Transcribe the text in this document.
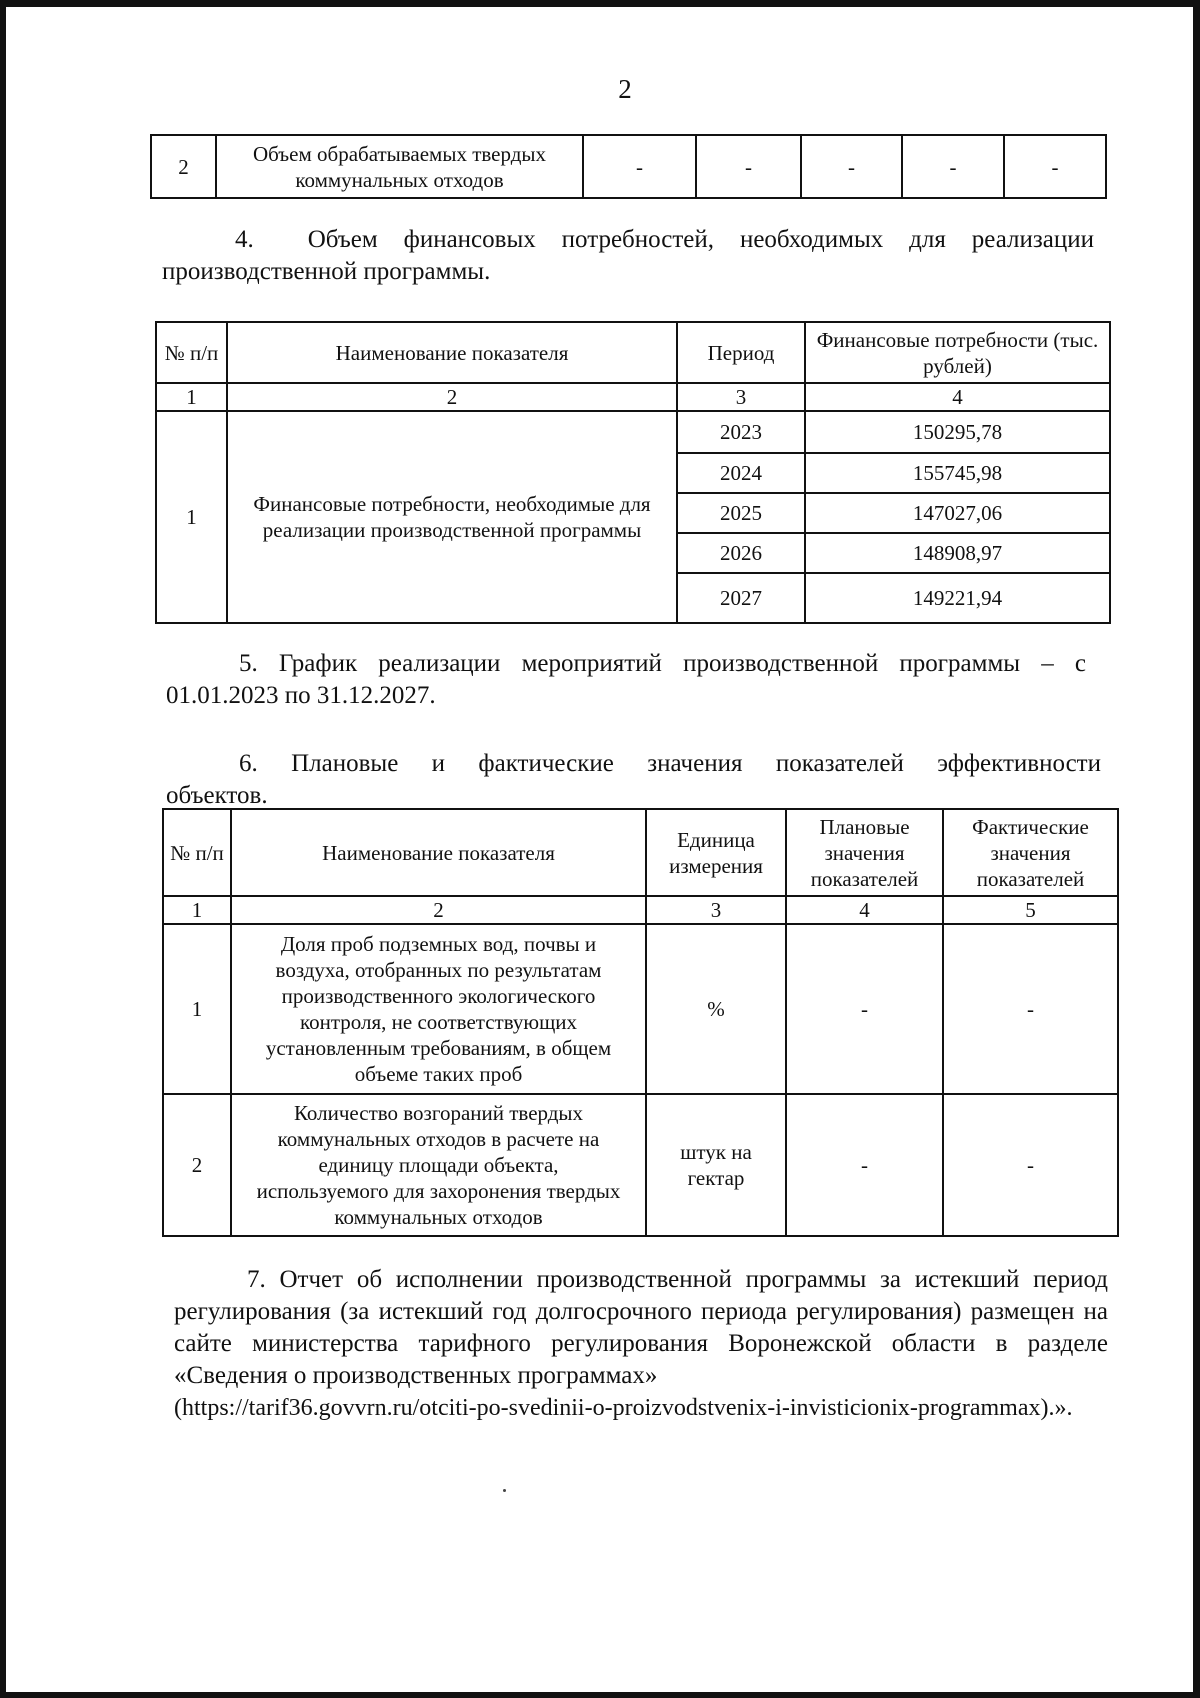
2
2	Объем обрабатываемых твердых коммунальных отходов	-	-	-	-	-

4. Объем финансовых потребностей, необходимых для реализации производственной программы.

№ п/п	Наименование показателя	Период	Финансовые потребности (тыс. рублей)
1	2	3	4
1	Финансовые потребности, необходимые для реализации производственной программы	2023	150295,78
		2024	155745,98
		2025	147027,06
		2026	148908,97
		2027	149221,94

5. График реализации мероприятий производственной программы – с 01.01.2023 по 31.12.2027.

6. Плановые и фактические значения показателей эффективности объектов.

№ п/п	Наименование показателя	Единица измерения	Плановые значения показателей	Фактические значения показателей
1	2	3	4	5
1	Доля проб подземных вод, почвы и воздуха, отобранных по результатам производственного экологического контроля, не соответствующих установленным требованиям, в общем объеме таких проб	%	-	-
2	Количество возгораний твердых коммунальных отходов в расчете на единицу площади объекта, используемого для захоронения твердых коммунальных отходов	штук на гектар	-	-

7. Отчет об исполнении производственной программы за истекший период регулирования (за истекший год долгосрочного периода регулирования) размещен на сайте министерства тарифного регулирования Воронежской области в разделе «Сведения о производственных программах»

(https://tarif36.govvrn.ru/otciti-po-svedinii-o-proizvodstvenix-i-invisticionix-programmax).».
